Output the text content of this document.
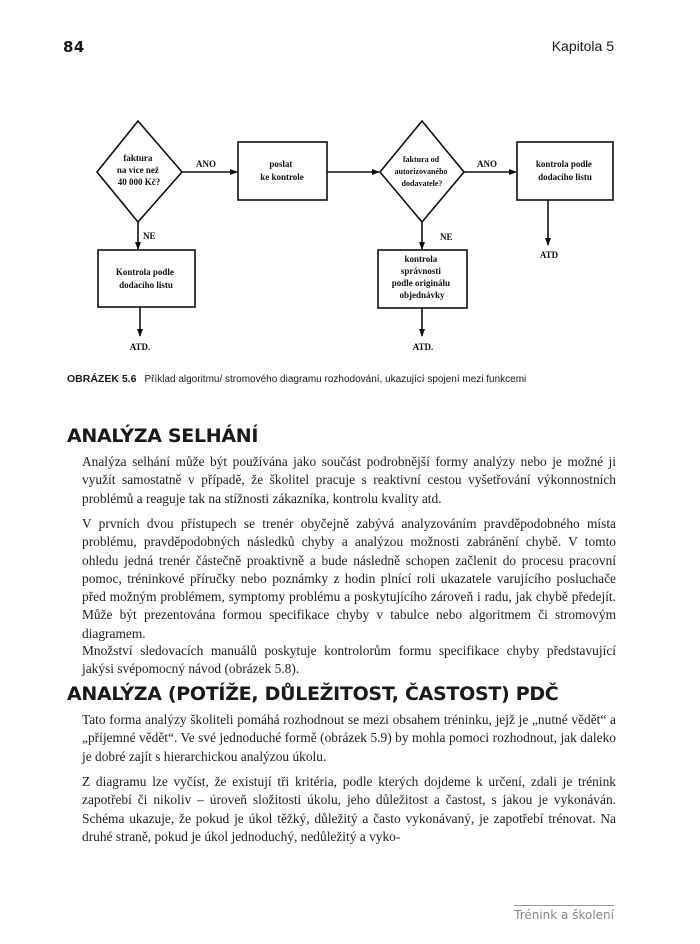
84	Kapitola 5
faktura na více než 40 000 Kč?
poslat ke kontrole
faktura od autorizovaného dodavatele?
kontrola podle dodacího listu
Kontrola podle dodacího listu
kontrola správnosti podle originálu objednávky
ANO
NE
ANO
NE
ATD.	ATD.
ATD
OBRÁZEK 5.6 Příklad algoritmu/ stromového diagramu rozhodování, ukazující spojení mezi funkcemi
ANALÝZA SELHÁNÍ

Analýza selhání může být používána jako součást podrobnější formy analýzy nebo je možné ji využít samostatně v případě, že školitel pracuje s reaktivní cestou vyšetřování výkonnostních problémů a reaguje tak na stížnosti zákazníka, kontrolu kvality atd.

V prvních dvou přístupech se trenér obyčejně zabývá analyzováním pravděpodobného místa problému, pravděpodobných následků chyby a analýzou možnosti zabránění chybě. V tomto ohledu jedná trenér částečně proaktivně a bude následně schopen začlenit do procesu pracovní pomoc, tréninkové příručky nebo poznámky z hodin plnící roli ukazatele varujícího posluchače před možným problémem, symptomy problému a poskytujícího zároveň i radu, jak chybě předejít. Může být prezentována formou specifikace chyby v tabulce nebo algoritmem či stromovým diagramem.

Množství sledovacích manuálů poskytuje kontrolorům formu specifikace chyby představující jakýsi svépomocný návod (obrázek 5.8).

ANALÝZA (POTÍŽE, DŮLEŽITOST, ČASTOST) PDČ

Tato forma analýzy školiteli pomáhá rozhodnout se mezi obsahem tréninku, jejž je „nutné vědět“ a „příjemné vědět“. Ve své jednoduché formě (obrázek 5.9) by mohla pomoci rozhodnout, jak daleko je dobré zajít s hierarchickou analýzou úkolu.

Z diagramu lze vyčíst, že existují tři kritéria, podle kterých dojdeme k určení, zdali je trénink zapotřebí či nikoliv – úroveň složitosti úkolu, jeho důležitost a častost, s jakou je vykonáván. Schéma ukazuje, že pokud je úkol těžký, důležitý a často vykonávaný, je zapotřebí trénovat. Na druhé straně, pokud je úkol jednoduchý, nedůležitý a vyko-

Trénink a školení
